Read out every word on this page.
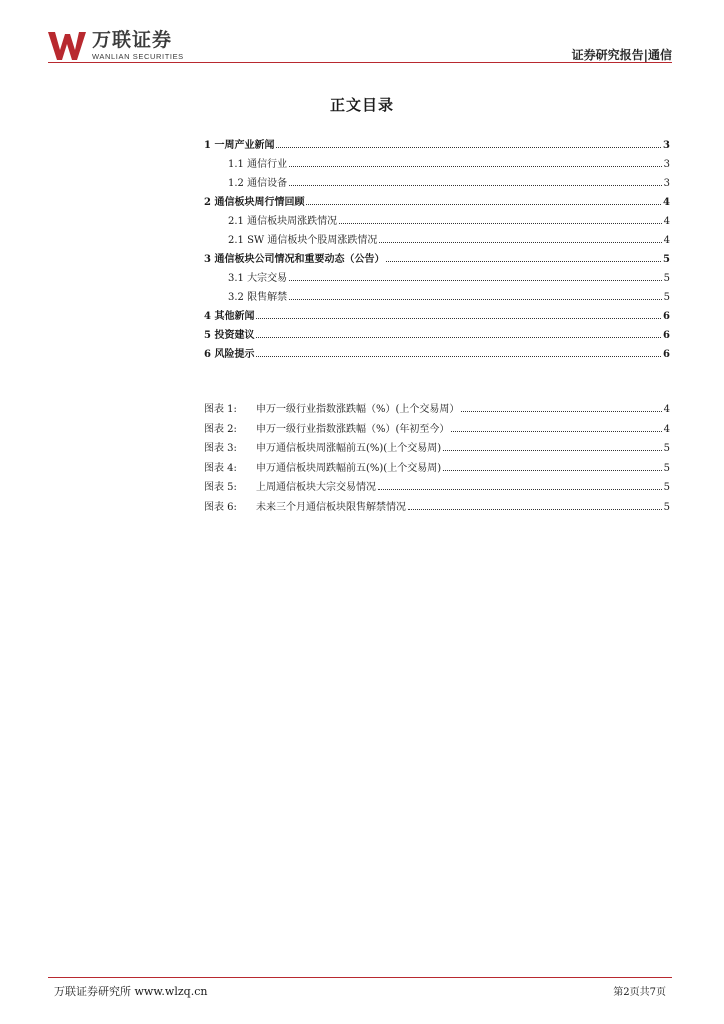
万联证券
WANLIAN SECURITIES	证券研究报告|通信
正文目录
1 一周产业新闻	3
1.1 通信行业	3
1.2 通信设备	3
2 通信板块周行情回顾	4
2.1 通信板块周涨跌情况	4
2.1 SW 通信板块个股周涨跌情况	4
3 通信板块公司情况和重要动态（公告）	5
3.1 大宗交易	5
3.2 限售解禁	5
4 其他新闻	6
5 投资建议	6
6 风险提示	6
图表 1:	申万一级行业指数涨跌幅（%）(上个交易周）	4
图表 2:	申万一级行业指数涨跌幅（%）(年初至今）	4
图表 3:	申万通信板块周涨幅前五(%)(上个交易周)	5
图表 4:	申万通信板块周跌幅前五(%)(上个交易周)	5
图表 5:	上周通信板块大宗交易情况	5
图表 6:	未来三个月通信板块限售解禁情况	5
万联证券研究所 www.wlzq.cn	第2页共7页
